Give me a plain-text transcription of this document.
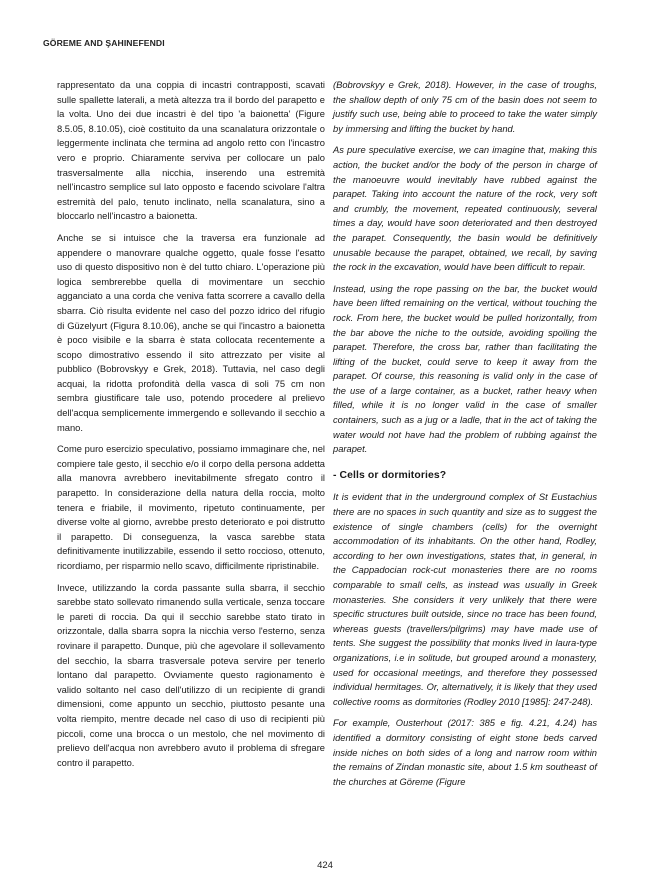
GÖREME AND ŞAHINEFENDI

rappresentato da una coppia di incastri contrapposti, scavati sulle spallette laterali, a metà altezza tra il bordo del parapetto e la volta. Uno dei due incastri è del tipo 'a baionetta' (Figure 8.5.05, 8.10.05), cioè costituito da una scanalatura orizzontale o leggermente inclinata che termina ad angolo retto con l'incastro vero e proprio. Chiaramente serviva per collocare un palo trasversalmente alla nicchia, inserendo una estremità nell'incastro semplice sul lato opposto e facendo scivolare l'altra estremità del palo, tenuto inclinato, nella scanalatura, sino a bloccarlo nell'incastro a baionetta.

Anche se si intuisce che la traversa era funzionale ad appendere o manovrare qualche oggetto, quale fosse l'esatto uso di questo dispositivo non è del tutto chiaro. L'operazione più logica sembrerebbe quella di movimentare un secchio agganciato a una corda che veniva fatta scorrere a cavallo della sbarra. Ciò risulta evidente nel caso del pozzo idrico del rifugio di Güzelyurt (Figura 8.10.06), anche se qui l'incastro a baionetta è poco visibile e la sbarra è stata collocata recentemente a scopo dimostrativo essendo il sito attrezzato per visite al pubblico (Bobrovskyy e Grek, 2018). Tuttavia, nel caso degli acquai, la ridotta profondità della vasca di soli 75 cm non sembra giustificare tale uso, potendo procedere al prelievo dell'acqua semplicemente immergendo e sollevando il secchio a mano.

Come puro esercizio speculativo, possiamo immaginare che, nel compiere tale gesto, il secchio e/o il corpo della persona addetta alla manovra avrebbero inevitabilmente sfregato contro il parapetto. In considerazione della natura della roccia, molto tenera e friabile, il movimento, ripetuto continuamente, per diverse volte al giorno, avrebbe presto deteriorato e poi distrutto il parapetto. Di conseguenza, la vasca sarebbe stata definitivamente inutilizzabile, essendo il setto roccioso, ottenuto, ricordiamo, per risparmio nello scavo, difficilmente ripristinabile.

Invece, utilizzando la corda passante sulla sbarra, il secchio sarebbe stato sollevato rimanendo sulla verticale, senza toccare le pareti di roccia. Da qui il secchio sarebbe stato tirato in orizzontale, dalla sbarra sopra la nicchia verso l'esterno, senza rovinare il parapetto. Dunque, più che agevolare il sollevamento del secchio, la sbarra trasversale poteva servire per tenerlo lontano dal parapetto. Ovviamente questo ragionamento è valido soltanto nel caso dell'utilizzo di un recipiente di grandi dimensioni, come appunto un secchio, piuttosto pesante una volta riempito, mentre decade nel caso di uso di recipienti più piccoli, come una brocca o un mestolo, che nel movimento di prelievo dell'acqua non avrebbero avuto il problema di sfregare contro il parapetto.

(Bobrovskyy e Grek, 2018). However, in the case of troughs, the shallow depth of only 75 cm of the basin does not seem to justify such use, being able to proceed to take the water simply by immersing and lifting the bucket by hand.

As pure speculative exercise, we can imagine that, making this action, the bucket and/or the body of the person in charge of the manoeuvre would inevitably have rubbed against the parapet. Taking into account the nature of the rock, very soft and crumbly, the movement, repeated continuously, several times a day, would have soon deteriorated and then destroyed the parapet. Consequently, the basin would be definitively unusable because the parapet, obtained, we recall, by saving the rock in the excavation, would have been difficult to repair.

Instead, using the rope passing on the bar, the bucket would have been lifted remaining on the vertical, without touching the rock. From here, the bucket would be pulled horizontally, from the bar above the niche to the outside, avoiding spoiling the parapet. Therefore, the cross bar, rather than facilitating the lifting of the bucket, could serve to keep it away from the parapet. Of course, this reasoning is valid only in the case of the use of a large container, as a bucket, rather heavy when filled, while it is no longer valid in the case of smaller containers, such as a jug or a ladle, that in the act of taking the water would not have had the problem of rubbing against the parapet.

- Cells or dormitories?

It is evident that in the underground complex of St Eustachius there are no spaces in such quantity and size as to suggest the existence of single chambers (cells) for the overnight accommodation of its inhabitants. On the other hand, Rodley, according to her own investigations, states that, in general, in the Cappadocian rock-cut monasteries there are no rooms comparable to small cells, as instead was usually in Greek monasteries. She considers it very unlikely that there were specific structures built outside, since no trace has been found, whereas guests (travellers/pilgrims) may have made use of tents. She suggest the possibility that monks lived in laura-type organizations, i.e in solitude, but grouped around a monastery, used for occasional meetings, and therefore they possessed individual hermitages. Or, alternatively, it is likely that they used collective rooms as dormitories (Rodley 2010 [1985]: 247-248).

For example, Ousterhout (2017: 385 e fig. 4.21, 4.24) has identified a dormitory consisting of eight stone beds carved inside niches on both sides of a long and narrow room within the remains of Zindan monastic site, about 1.5 km southeast of the churches at Göreme (Figure

424
